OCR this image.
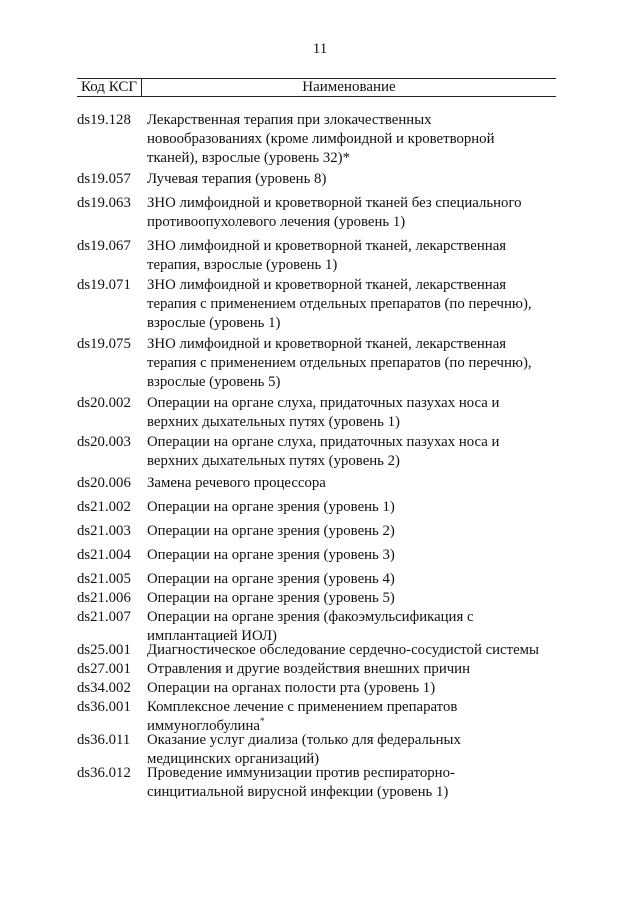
11
Код КСГ	Наименование
ds19.128	Лекарственная терапия при злокачественных
новообразованиях (кроме лимфоидной и кроветворной
тканей), взрослые (уровень 32)*
ds19.057	Лучевая терапия (уровень 8)
ds19.063	ЗНО лимфоидной и кроветворной тканей без специального
противоопухолевого лечения (уровень 1)
ds19.067	ЗНО лимфоидной и кроветворной тканей, лекарственная
терапия, взрослые (уровень 1)
ds19.071	ЗНО лимфоидной и кроветворной тканей, лекарственная
терапия с применением отдельных препаратов (по перечню),
взрослые (уровень 1)
ds19.075	ЗНО лимфоидной и кроветворной тканей, лекарственная
терапия с применением отдельных препаратов (по перечню),
взрослые (уровень 5)
ds20.002	Операции на органе слуха, придаточных пазухах носа и
верхних дыхательных путях (уровень 1)
ds20.003	Операции на органе слуха, придаточных пазухах носа и
верхних дыхательных путях (уровень 2)
ds20.006	Замена речевого процессора
ds21.002	Операции на органе зрения (уровень 1)
ds21.003	Операции на органе зрения (уровень 2)
ds21.004	Операции на органе зрения (уровень 3)
ds21.005	Операции на органе зрения (уровень 4)
ds21.006	Операции на органе зрения (уровень 5)
ds21.007	Операции на органе зрения (факоэмульсификация с
имплантацией ИОЛ)
ds25.001	Диагностическое обследование сердечно-сосудистой системы
ds27.001	Отравления и другие воздействия внешних причин
ds34.002	Операции на органах полости рта (уровень 1)
ds36.001	Комплексное лечение с применением препаратов
иммуноглобулина*
ds36.011	Оказание услуг диализа (только для федеральных
медицинских организаций)
ds36.012	Проведение иммунизации против респираторно-
синцитиальной вирусной инфекции (уровень 1)
